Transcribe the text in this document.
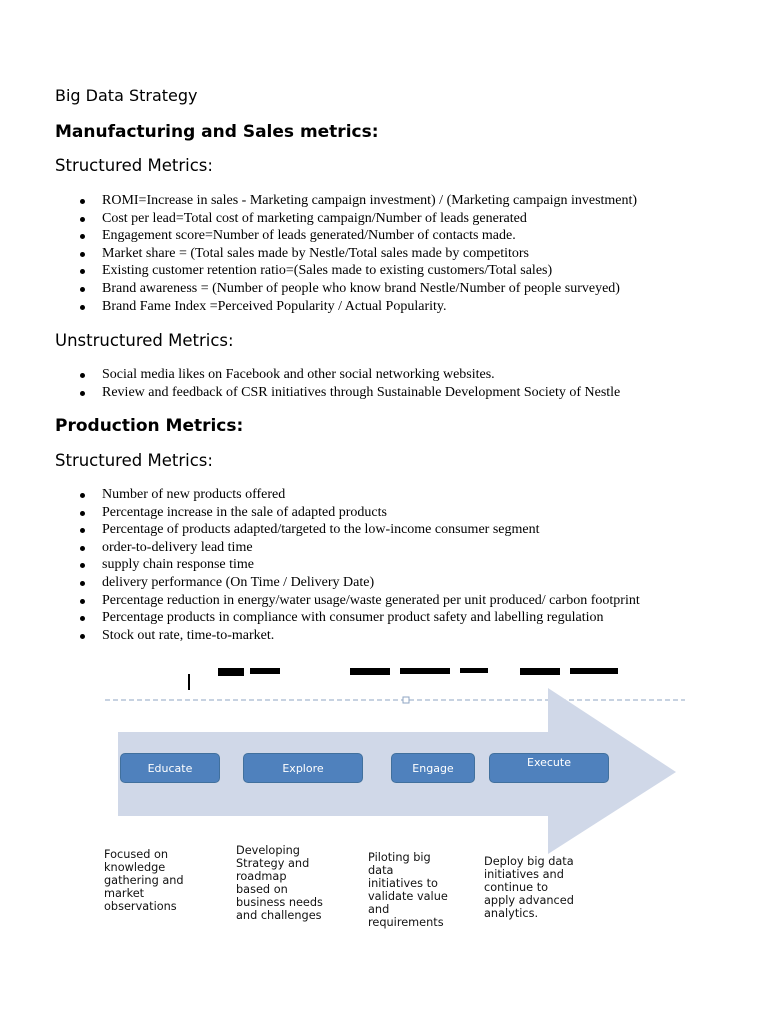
Big Data Strategy
Manufacturing and Sales metrics:
Structured Metrics:
ROMI=Increase in sales - Marketing campaign investment) / (Marketing campaign investment)
Cost per lead=Total cost of marketing campaign/Number of leads generated
Engagement score=Number of leads generated/Number of contacts made.
Market share = (Total sales made by Nestle/Total sales made by competitors
Existing customer retention ratio=(Sales made to existing customers/Total sales)
Brand awareness = (Number of people who know brand Nestle/Number of people surveyed)
Brand Fame Index =Perceived Popularity / Actual Popularity.
Unstructured Metrics:
Social media likes on Facebook and other social networking websites.
Review and feedback of CSR initiatives through Sustainable Development Society of Nestle
Production Metrics:
Structured Metrics:
Number of new products offered
Percentage increase in the sale of adapted products
Percentage of products adapted/targeted to the low-income consumer segment
order-to-delivery lead time
supply chain response time
delivery performance (On Time / Delivery Date)
Percentage reduction in energy/water usage/waste generated per unit produced/ carbon footprint
Percentage products in compliance with consumer product safety and labelling regulation
Stock out rate, time-to-market.
Educate	Explore	Engage	Execute
Focused on
knowledge
gathering and
market
observations
Developing
Strategy and
roadmap
based on
business needs
and challenges
Piloting big
data
initiatives to
validate value
and
requirements
Deploy big data
initiatives and
continue to
apply advanced
analytics.
